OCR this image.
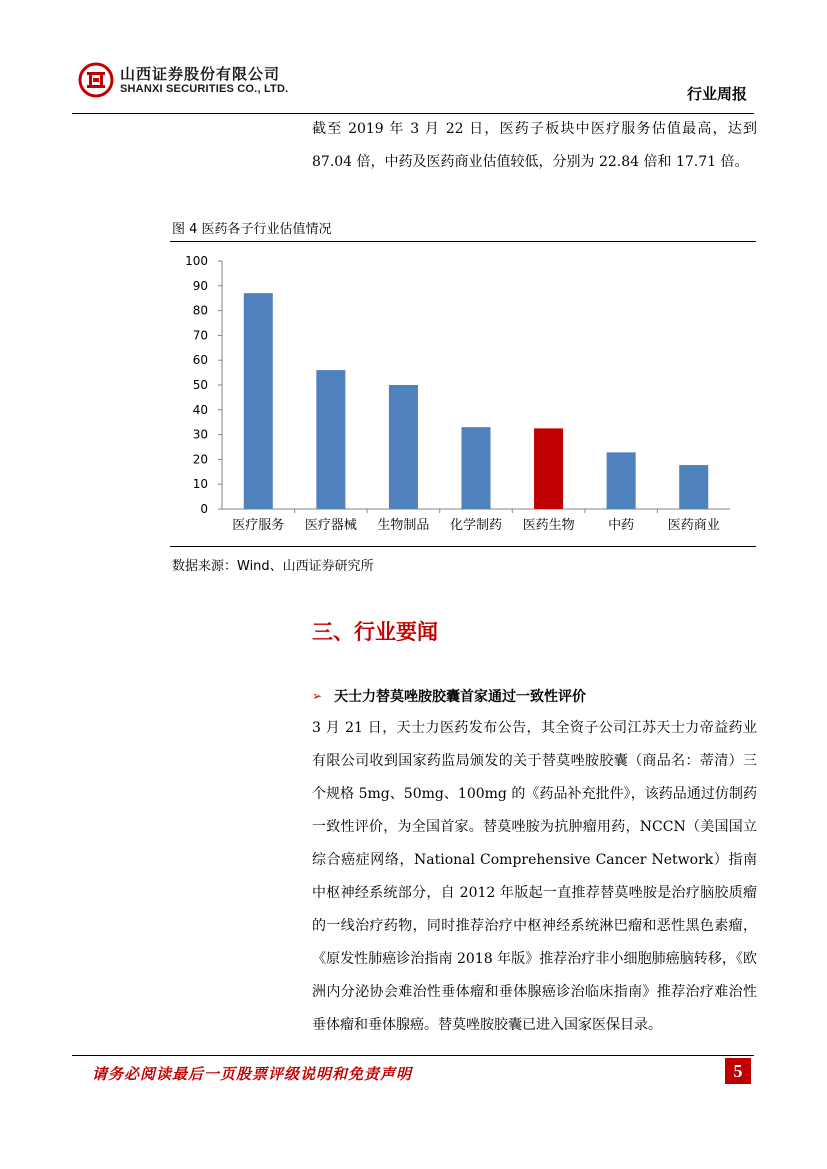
山西证券股份有限公司
SHANXI SECURITIES CO., LTD.	行业周报
截至 2019 年 3 月 22 日，医药子板块中医疗服务估值最高，达到 87.04 倍，中药及医药商业估值较低，分别为 22.84 倍和 17.71 倍。
图 4 医药各子行业估值情况
0
10
20
30
40
50
60
70
80
90
100
医疗服务 医疗器械 生物制品 化学制药 医药生物	中药	医药商业
数据来源：Wind、山西证券研究所
三、行业要闻
➢ 天士力替莫唑胺胶囊首家通过一致性评价
3 月 21 日，天士力医药发布公告，其全资子公司江苏天士力帝益药业有限公司收到国家药监局颁发的关于替莫唑胺胶囊（商品名：蒂清）三个规格 5mg、50mg、100mg 的《药品补充批件》，该药品通过仿制药一致性评价，为全国首家。替莫唑胺为抗肿瘤用药，NCCN（美国国立综合癌症网络，National Comprehensive Cancer Network）指南中枢神经系统部分，自 2012 年版起一直推荐替莫唑胺是治疗脑胶质瘤的一线治疗药物，同时推荐治疗中枢神经系统淋巴瘤和恶性黑色素瘤，《原发性肺癌诊治指南 2018 年版》推荐治疗非小细胞肺癌脑转移，《欧洲内分泌协会难治性垂体瘤和垂体腺癌诊治临床指南》推荐治疗难治性垂体瘤和垂体腺癌。替莫唑胺胶囊已进入国家医保目录。
请务必阅读最后一页股票评级说明和免责声明	5
